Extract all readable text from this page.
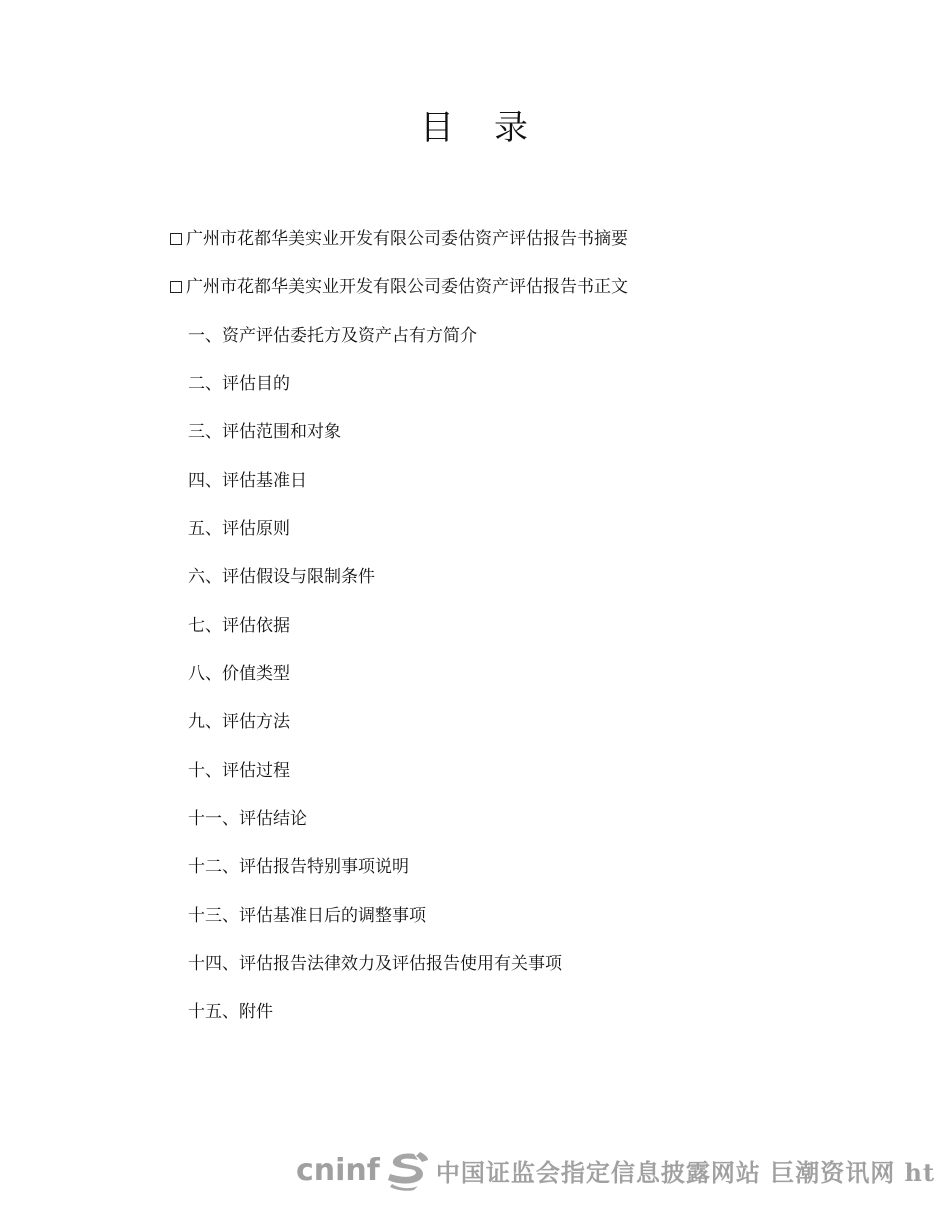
目 录
广州市花都华美实业开发有限公司委估资产评估报告书摘要
广州市花都华美实业开发有限公司委估资产评估报告书正文
一、资产评估委托方及资产占有方简介
二、评估目的
三、评估范围和对象
四、评估基准日
五、评估原则
六、评估假设与限制条件
七、评估依据
八、价值类型
九、评估方法
十、评估过程
十一、评估结论
十二、评估报告特别事项说明
十三、评估基准日后的调整事项
十四、评估报告法律效力及评估报告使用有关事项
十五、附件
cninf 中国证监会指定信息披露网站 巨潮资讯网 ht
